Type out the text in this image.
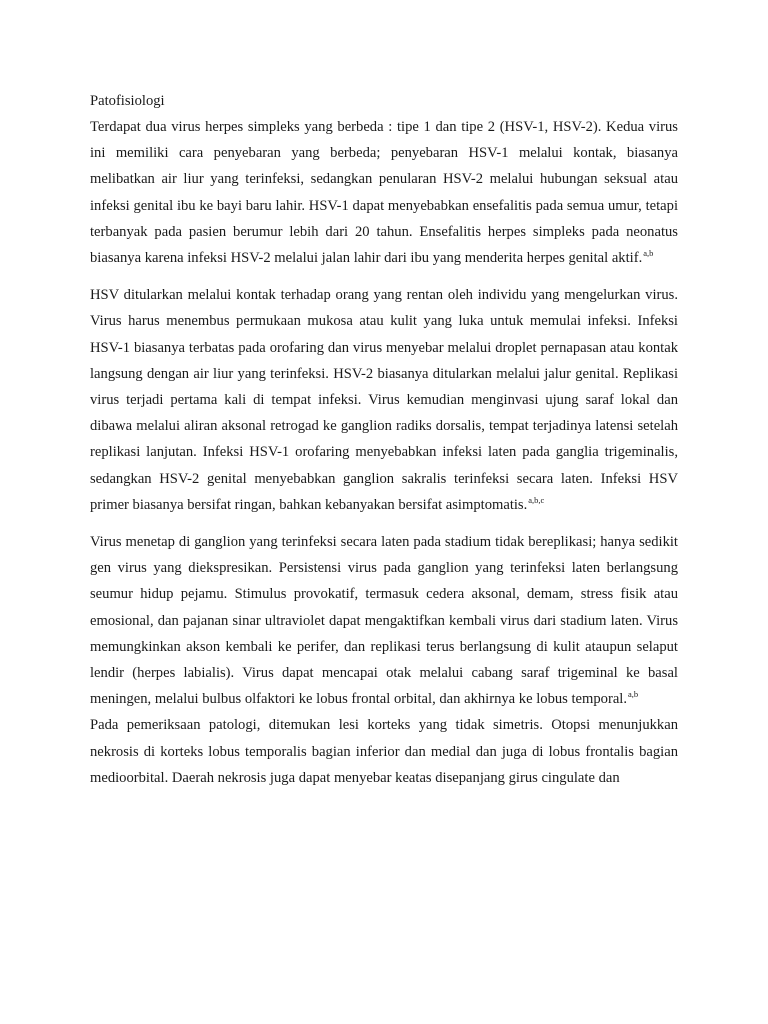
Patofisiologi

Terdapat dua virus herpes simpleks yang berbeda : tipe 1 dan tipe 2 (HSV-1, HSV-2). Kedua virus ini memiliki cara penyebaran yang berbeda; penyebaran HSV-1 melalui kontak, biasanya melibatkan air liur yang terinfeksi, sedangkan penularan HSV-2 melalui hubungan seksual atau infeksi genital ibu ke bayi baru lahir. HSV-1 dapat menyebabkan ensefalitis pada semua umur, tetapi terbanyak pada pasien berumur lebih dari 20 tahun. Ensefalitis herpes simpleks pada neonatus biasanya karena infeksi HSV-2 melalui jalan lahir dari ibu yang menderita herpes genital aktif.$^{a,b}$

HSV ditularkan melalui kontak terhadap orang yang rentan oleh individu yang mengelurkan virus. Virus harus menembus permukaan mukosa atau kulit yang luka untuk memulai infeksi. Infeksi HSV-1 biasanya terbatas pada orofaring dan virus menyebar melalui droplet pernapasan atau kontak langsung dengan air liur yang terinfeksi. HSV-2 biasanya ditularkan melalui jalur genital. Replikasi virus terjadi pertama kali di tempat infeksi. Virus kemudian menginvasi ujung saraf lokal dan dibawa melalui aliran aksonal retrogad ke ganglion radiks dorsalis, tempat terjadinya latensi setelah replikasi lanjutan. Infeksi HSV-1 orofaring menyebabkan infeksi laten pada ganglia trigeminalis, sedangkan HSV-2 genital menyebabkan ganglion sakralis terinfeksi secara laten. Infeksi HSV primer biasanya bersifat ringan, bahkan kebanyakan bersifat asimptomatis.$^{a,b,c}$

Virus menetap di ganglion yang terinfeksi secara laten pada stadium tidak bereplikasi; hanya sedikit gen virus yang diekspresikan. Persistensi virus pada ganglion yang terinfeksi laten berlangsung seumur hidup pejamu. Stimulus provokatif, termasuk cedera aksonal, demam, stress fisik atau emosional, dan pajanan sinar ultraviolet dapat mengaktifkan kembali virus dari stadium laten. Virus memungkinkan akson kembali ke perifer, dan replikasi terus berlangsung di kulit ataupun selaput lendir (herpes labialis). Virus dapat mencapai otak melalui cabang saraf trigeminal ke basal meningen, melalui bulbus olfaktori ke lobus frontal orbital, dan akhirnya ke lobus temporal.$^{a,b}$

Pada pemeriksaan patologi, ditemukan lesi korteks yang tidak simetris. Otopsi menunjukkan nekrosis di korteks lobus temporalis bagian inferior dan medial dan juga di lobus frontalis bagian medioorbital. Daerah nekrosis juga dapat menyebar keatas disepanjang girus cingulate dan
